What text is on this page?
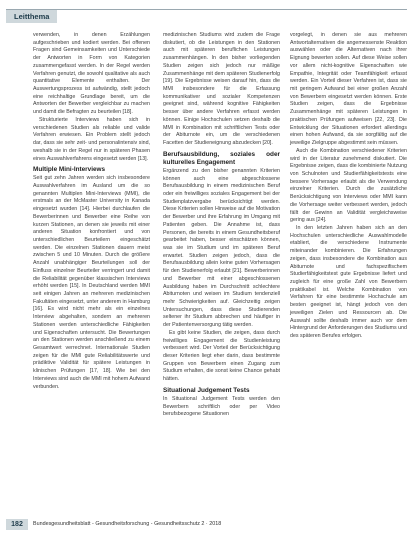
Leitthema

verwenden, in denen Erzählungen aufgeschrieben und kodiert werden. Bei offenen Fragen sind Gemeinsamkeiten und Unterschiede der Antworten in Form von Kategorien zusammengefasst werden. In der Regel werden Verfahren genutzt, die sowohl qualitative als auch quantitative Elemente enthalten. Der Auswertungsprozess ist aufwändig, stellt jedoch eine reichhaltige Grundlage bereit, um die Antworten der Bewerber vergleichbar zu machen und damit die Befragten zu beurteilen [18].

Strukturierte Interviews haben sich in verschiedenen Studien als reliable und valide Verfahren erwiesen. Ein Problem stellt jedoch dar, dass sie sehr zeit- und personalintensiv sind, weshalb sie in der Regel nur in späteren Phasen eines Auswahlverfahrens eingesetzt werden [13].

Multiple Mini-Interviews

Seit gut zehn Jahren werden sich insbesondere Auswahlverfahren im Ausland um die so genannten Multiplen Mini-Interviews (MMI), die erstmals an der McMaster University in Kanada eingesetzt wurden [14]. Hierbei durchlaufen die Bewerberinnen und Bewerber eine Reihe von kurzen Stationen, an denen sie jeweils mit einer anderen Situation konfrontiert und von unterschiedlichen Beurteilern eingeschätzt werden. Die einzelnen Stationen dauern meist zwischen 5 und 10 Minuten. Durch die größere Anzahl unabhängiger Beurteilungen soll der Einfluss einzelner Beurteiler verringert und damit die Reliabilität gegenüber klassischen Interviews erhöht werden [15]. In Deutschland werden MMI seit einigen Jahren an mehreren medizinischen Fakultäten eingesetzt, unter anderem in Hamburg [16]. Es wird nicht mehr als ein einzelnes Interview abgehalten, sondern an mehreren Stationen werden unterschiedliche Fähigkeiten und Eigenschaften untersucht. Die Bewertungen an den Stationen werden anschließend zu einem Gesamtwert verrechnet. Internationale Studien zeigen für die MMI gute Reliabilitätswerte und prädiktive Validität für spätere Leistungen in klinischen Prüfungen [17, 18]. Wie bei den Interviews sind auch die MMI mit hohem Aufwand verbunden.

medizinischen Studiums wird zudem die Frage diskutiert, ob die Leistungen in den Stationen auch mit späteren beruflichen Leistungen zusammenhängen. In den bisher vorliegenden Studien zeigen sich jedoch nur mäßige Zusammenhänge mit dem späteren Studienerfolg [19]. Die Ergebnisse weisen darauf hin, dass die MMI insbesondere für die Erfassung kommunikativer und sozialer Kompetenzen geeignet sind, während kognitive Fähigkeiten besser über andere Verfahren erfasst werden können. Einige Hochschulen setzen deshalb die MMI in Kombination mit schriftlichen Tests oder der Abiturnote ein, um die verschiedenen Facetten der Studieneignung abzudecken [20].

Berufsausbildung, soziales oder kulturelles Engagement

Ergänzend zu den bisher genannten Kriterien können auch eine abgeschlossene Berufsausbildung in einem medizinischen Beruf oder ein freiwilliges soziales Engagement bei der Studienplatzvergabe berücksichtigt werden. Diese Kriterien sollen Hinweise auf die Motivation der Bewerber und ihre Erfahrung im Umgang mit Patienten geben. Die Annahme ist, dass Personen, die bereits in einem Gesundheitsberuf gearbeitet haben, besser einschätzen können, was sie im Studium und im späteren Beruf erwartet. Studien zeigen jedoch, dass die Berufsausbildung allein keine guten Vorhersagen für den Studienerfolg erlaubt [21]. Bewerberinnen und Bewerber mit einer abgeschlossenen Ausbildung haben im Durchschnitt schlechtere Abiturnoten und weisen im Studium tendenziell mehr Schwierigkeiten auf. Gleichzeitig zeigen Untersuchungen, dass diese Studierenden seltener ihr Studium abbrechen und häufiger in der Patientenversorgung tätig werden.

Es gibt keine Studien, die zeigen, dass durch freiwilliges Engagement die Studienleistung verbessert wird. Der Vorteil der Berücksichtigung dieser Kriterien liegt eher darin, dass bestimmte Gruppen von Bewerbern einen Zugang zum Studium erhalten, die sonst keine Chance gehabt hätten.

Situational Judgement Tests

In Situational Judgement Tests werden den Bewerbern schriftlich oder per Video berufsbezogene Situationen

vorgelegt, in denen sie aus mehreren Antwortalternativen die angemessenste Reaktion auswählen oder die Alternativen nach ihrer Eignung bewerten sollen. Auf diese Weise sollen vor allem nicht-kognitive Eigenschaften wie Empathie, Integrität oder Teamfähigkeit erfasst werden. Ein Vorteil dieser Verfahren ist, dass sie mit geringem Aufwand bei einer großen Anzahl von Bewerbern eingesetzt werden können. Erste Studien zeigen, dass die Ergebnisse Zusammenhänge mit späteren Leistungen in praktischen Prüfungen aufweisen [22, 23]. Die Entwicklung der Situationen erfordert allerdings einen hohen Aufwand, da sie sorgfältig auf die jeweilige Zielgruppe abgestimmt sein müssen.

Auch die Kombination verschiedener Kriterien wird in der Literatur zunehmend diskutiert. Die Ergebnisse zeigen, dass die kombinierte Nutzung von Schulnoten und Studierfähigkeitstests eine bessere Vorhersage erlaubt als die Verwendung einzelner Kriterien. Durch die zusätzliche Berücksichtigung von Interviews oder MMI kann die Vorhersage weiter verbessert werden, jedoch fällt der Gewinn an Validität vergleichsweise gering aus [24].

In den letzten Jahren haben sich an den Hochschulen unterschiedliche Auswahlmodelle etabliert, die verschiedene Instrumente miteinander kombinieren. Die Erfahrungen zeigen, dass insbesondere die Kombination aus Abiturnote und fachspezifischem Studierfähigkeitstest gute Ergebnisse liefert und zugleich für eine große Zahl von Bewerbern praktikabel ist. Welche Kombination von Verfahren für eine bestimmte Hochschule am besten geeignet ist, hängt jedoch von den jeweiligen Zielen und Ressourcen ab. Die Auswahl sollte deshalb immer auch vor dem Hintergrund der Anforderungen des Studiums und des späteren Berufes erfolgen.

182	Bundesgesundheitsblatt - Gesundheitsforschung - Gesundheitsschutz 2 · 2018
